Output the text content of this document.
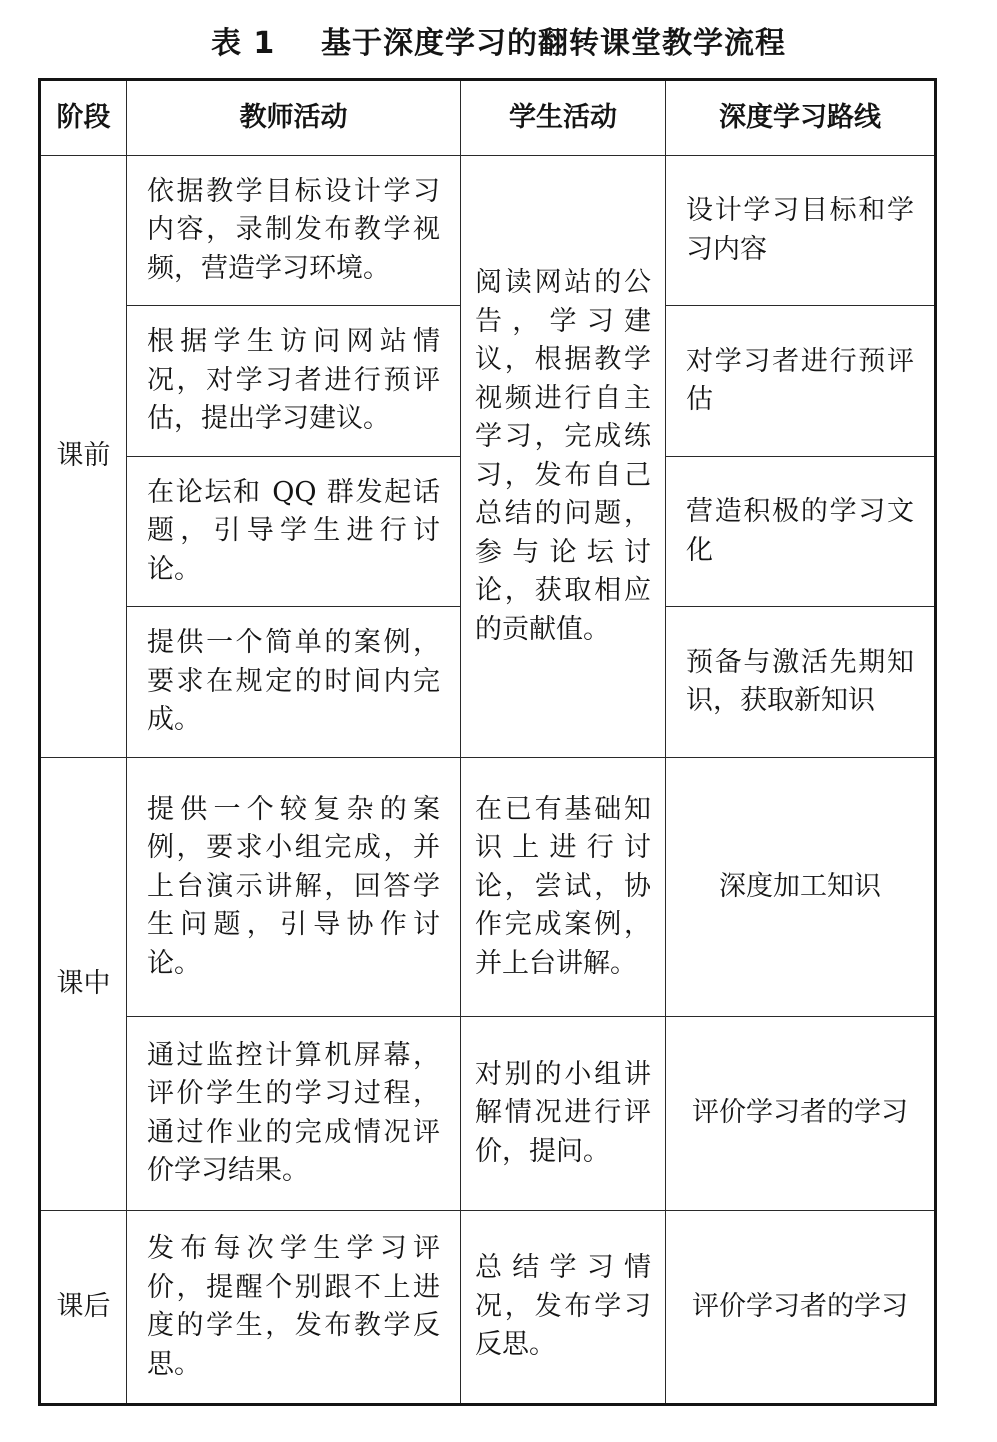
表 1    基于深度学习的翻转课堂教学流程
阶段	教师活动	学生活动	深度学习路线
课前	依据教学目标设计学习内容，录制发布教学视频，营造学习环境。	阅读网站的公告，学习建议，根据教学视频进行自主学习，完成练习，发布自己总结的问题，参与论坛讨论，获取相应的贡献值。	设计学习目标和学习内容
	根据学生访问网站情况，对学习者进行预评估，提出学习建议。		对学习者进行预评估
	在论坛和 QQ 群发起话题，引导学生进行讨论。		营造积极的学习文化
	提供一个简单的案例，要求在规定的时间内完成。		预备与激活先期知识，获取新知识
课中	提供一个较复杂的案例，要求小组完成，并上台演示讲解，回答学生问题，引导协作讨论。	在已有基础知识上进行讨论，尝试，协作完成案例，并上台讲解。	深度加工知识
	通过监控计算机屏幕，评价学生的学习过程，通过作业的完成情况评价学习结果。	对别的小组讲解情况进行评价，提问。	评价学习者的学习
课后	发布每次学生学习评价，提醒个别跟不上进度的学生，发布教学反思。	总结学习情况，发布学习反思。	评价学习者的学习
